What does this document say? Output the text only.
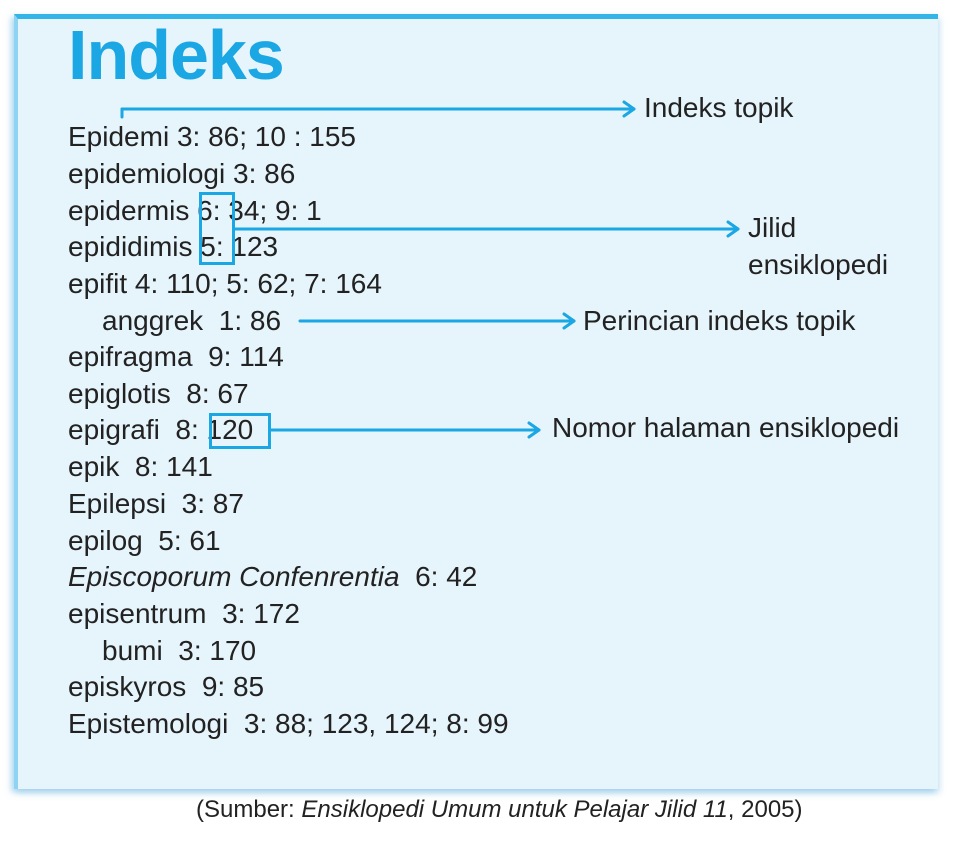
Indeks
Epidemi 3: 86; 10 : 155
epidemiologi 3: 86
epidermis 6: 34; 9: 1
epididimis 5: 123
epifit 4: 110; 5: 62; 7: 164
anggrek  1: 86
epifragma  9: 114
epiglotis  8: 67
epigrafi  8: 120
epik  8: 141
Epilepsi  3: 87
epilog  5: 61
Episcoporum Confenrentia  6: 42
episentrum  3: 172
bumi  3: 170
episkyros  9: 85
Epistemologi  3: 88; 123, 124; 8: 99
Indeks topik
Jilid
ensiklopedi
Perincian indeks topik
Nomor halaman ensiklopedi
(Sumber: Ensiklopedi Umum untuk Pelajar Jilid 11, 2005)
